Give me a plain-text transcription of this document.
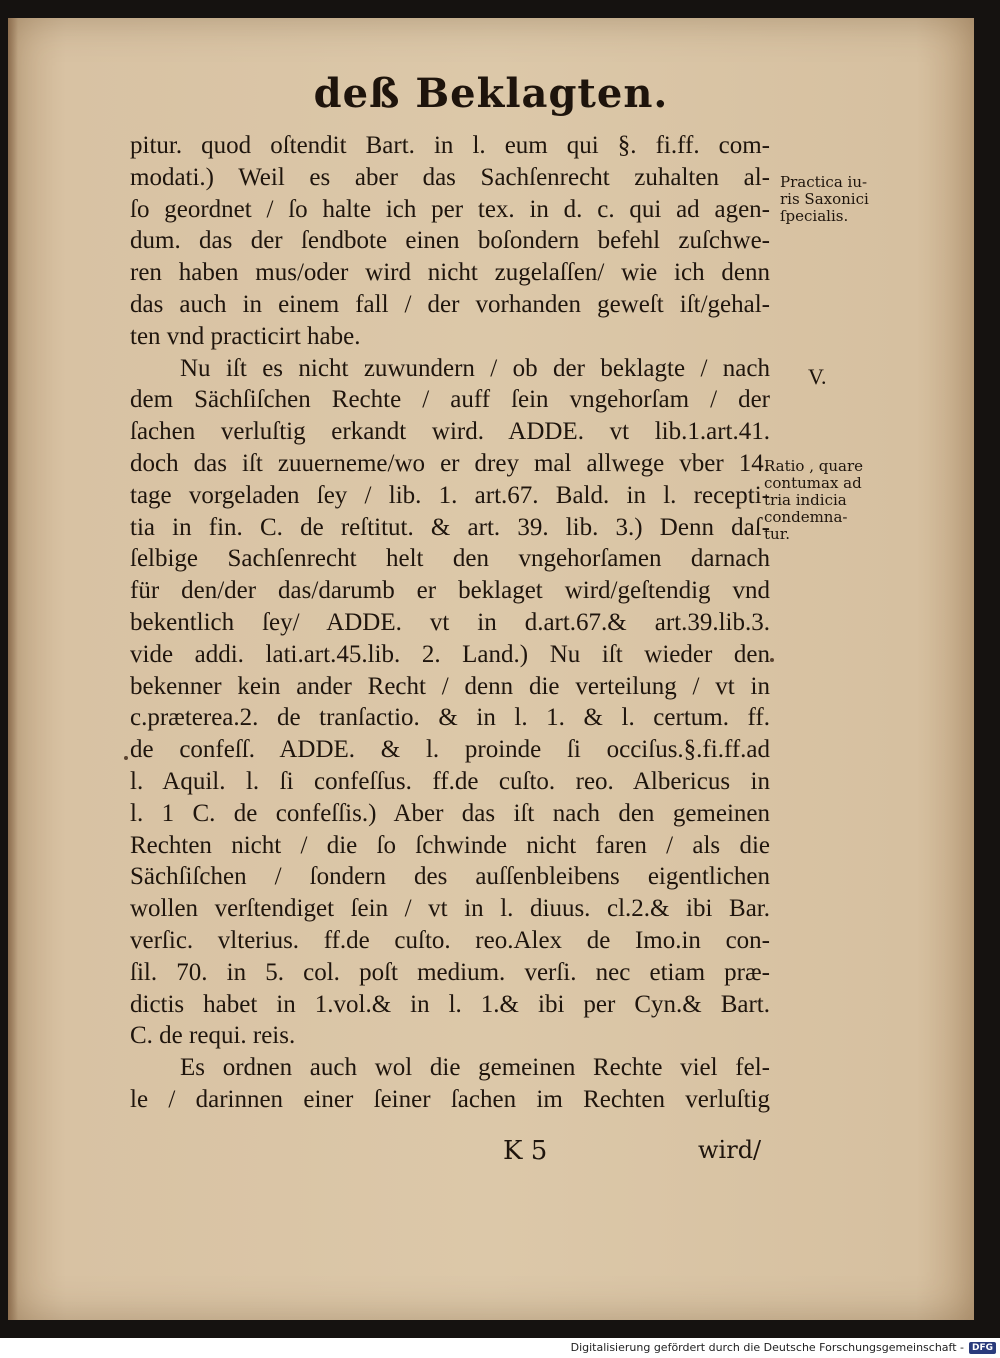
deß Beklagten.
pitur. quod oſtendit Bart. in l. eum qui §. fi.ff. com-
modati.) Weil es aber das Sachſenrecht zuhalten al-
ſo geordnet / ſo halte ich per tex. in d. c. qui ad agen-
dum. das der ſendbote einen boſondern befehl zuſchwe-
ren haben mus/oder wird nicht zugelaſſen/ wie ich denn
das auch in einem fall / der vorhanden geweſt iſt/gehal-
ten vnd practicirt habe.
Nu iſt es nicht zuwundern / ob der beklagte / nach
dem Sächſiſchen Rechte / auff ſein vngehorſam / der
ſachen verluſtig erkandt wird. ADDE. vt lib.1.art.41.
doch das iſt zuuerneme/wo er drey mal allwege vber 14.
tage vorgeladen ſey / lib. 1. art.67. Bald. in l. recepti-
tia in fin. C. de reſtitut. & art. 39. lib. 3.) Denn daſ-
ſelbige Sachſenrecht helt den vngehorſamen darnach
für den/der das/darumb er beklaget wird/geſtendig vnd
bekentlich ſey/ ADDE. vt in d.art.67.& art.39.lib.3.
vide addi. lati.art.45.lib. 2. Land.) Nu iſt wieder den
bekenner kein ander Recht / denn die verteilung / vt in
c.præterea.2. de tranſactio. & in l. 1. & l. certum. ff.
de confeſſ. ADDE. & l. proinde ſi occiſus.§.fi.ff.ad
l. Aquil. l. ſi confeſſus. ff.de cuſto. reo. Albericus in
l. 1 C. de confeſſis.) Aber das iſt nach den gemeinen
Rechten nicht / die ſo ſchwinde nicht faren / als die
Sächſiſchen / ſondern des auſſenbleibens eigentlichen
wollen verſtendiget ſein / vt in l. diuus. cl.2.& ibi Bar.
verſic. vlterius. ff.de cuſto. reo.Alex de Imo.in con-
ſil. 70. in 5. col. poſt medium. verſi. nec etiam præ-
dictis habet in 1.vol.& in l. 1.& ibi per Cyn.& Bart.
C. de requi. reis.
Es ordnen auch wol die gemeinen Rechte viel fel-
le / darinnen einer ſeiner ſachen im Rechten verluſtig
Practica iu-
ris Saxonici
ſpecialis.
V.
Ratio , quare
contumax ad
tria indicia
condemna-
tur.
K 5	wird/
Digitalisierung gefördert durch die Deutsche Forschungsgemeinschaft - DFG
